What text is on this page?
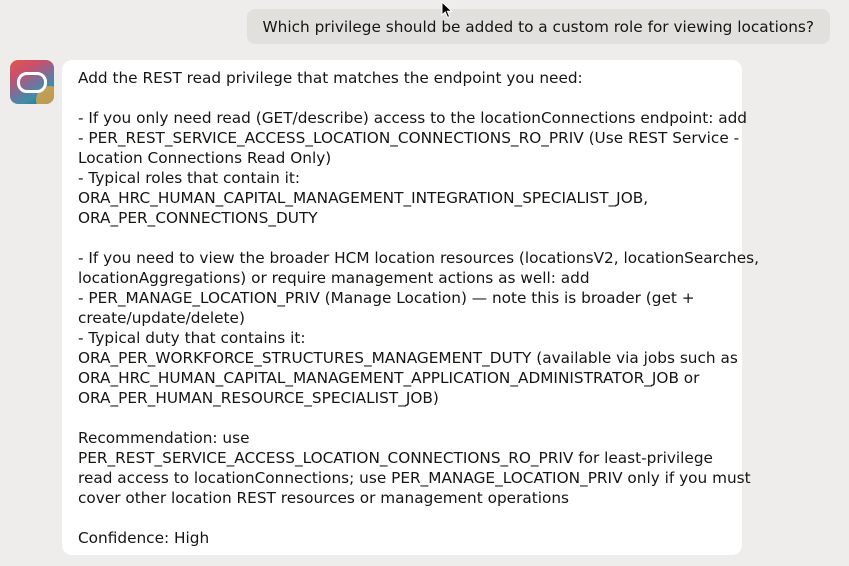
Which privilege should be added to a custom role for viewing locations?
Add the REST read privilege that matches the endpoint you need:
- If you only need read (GET/describe) access to the locationConnections endpoint: add
- PER_REST_SERVICE_ACCESS_LOCATION_CONNECTIONS_RO_PRIV (Use REST Service -
Location Connections Read Only)
- Typical roles that contain it:
ORA_HRC_HUMAN_CAPITAL_MANAGEMENT_INTEGRATION_SPECIALIST_JOB,
ORA_PER_CONNECTIONS_DUTY
- If you need to view the broader HCM location resources (locationsV2, locationSearches,
locationAggregations) or require management actions as well: add
- PER_MANAGE_LOCATION_PRIV (Manage Location) — note this is broader (get +
create/update/delete)
- Typical duty that contains it:
ORA_PER_WORKFORCE_STRUCTURES_MANAGEMENT_DUTY (available via jobs such as
ORA_HRC_HUMAN_CAPITAL_MANAGEMENT_APPLICATION_ADMINISTRATOR_JOB or
ORA_PER_HUMAN_RESOURCE_SPECIALIST_JOB)
Recommendation: use
PER_REST_SERVICE_ACCESS_LOCATION_CONNECTIONS_RO_PRIV for least-privilege
read access to locationConnections; use PER_MANAGE_LOCATION_PRIV only if you must
cover other location REST resources or management operations
Confidence: High
